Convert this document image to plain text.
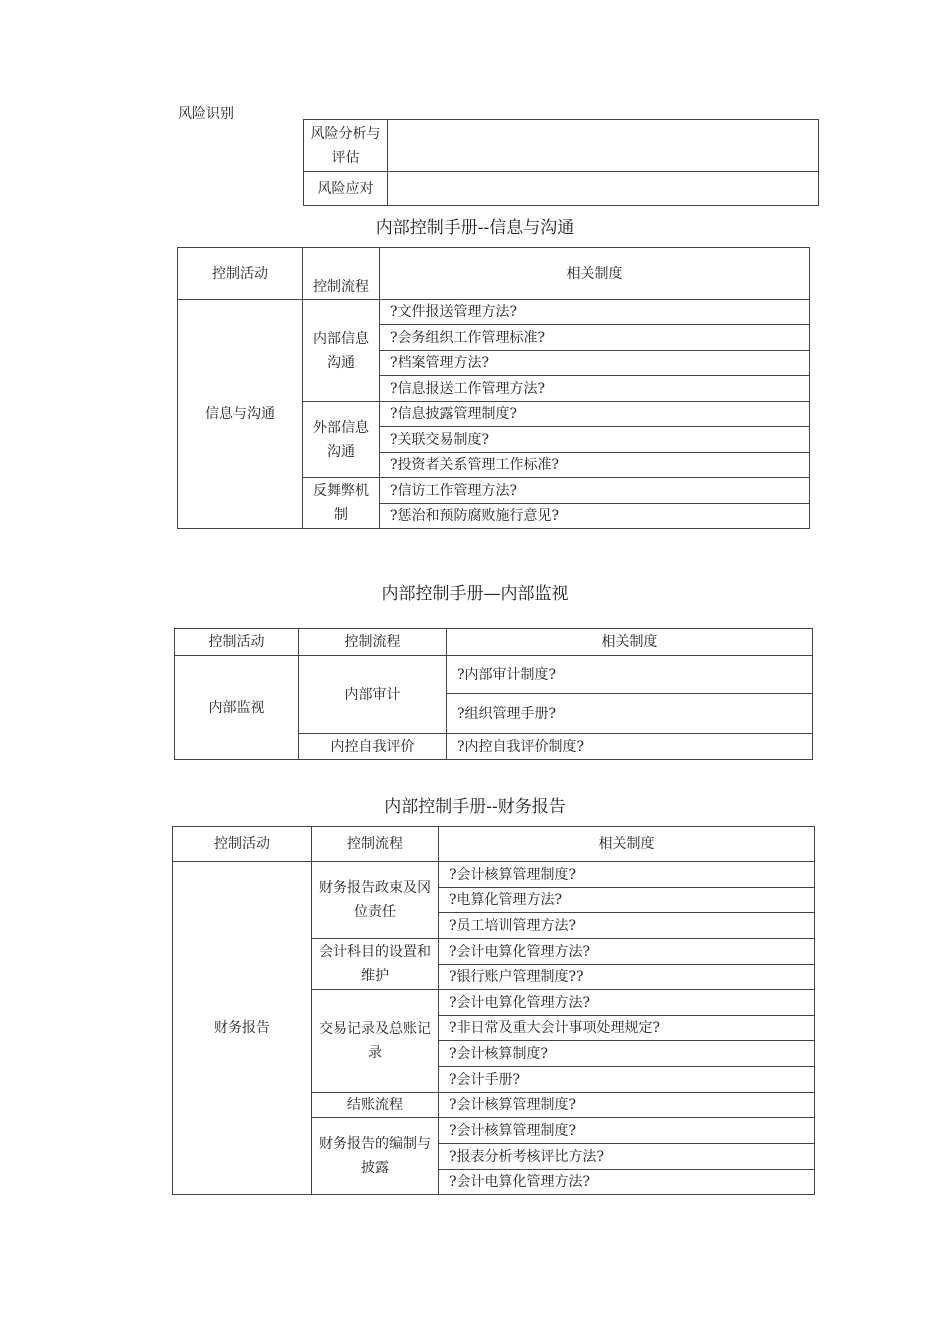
风险识别
风险分析与评估	
风险应对	
内部控制手册--信息与沟通
控制活动	控制流程	相关制度
信息与沟通	内部信息沟通	?文件报送管理方法?
		?会务组织工作管理标准?
		?档案管理方法?
		?信息报送工作管理方法?
	外部信息沟通	?信息披露管理制度?
		?关联交易制度?
		?投资者关系管理工作标准?
	反舞弊机制	?信访工作管理方法?
		?惩治和预防腐败施行意见?
内部控制手册—内部监视
控制活动	控制流程	相关制度
内部监视	内部审计	?内部审计制度?
		?组织管理手册?
	内控自我评价	?内控自我评价制度?
内部控制手册--财务报告
控制活动	控制流程	相关制度
财务报告	财务报告政束及冈位责任	?会计核算管理制度?
		?电算化管理方法?
		?员工培训管理方法?
	会计科目的设置和维护	?会计电算化管理方法?
		?银行账户管理制度??
	交易记录及总账记录	?会计电算化管理方法?
		?非日常及重大会计事项处理规定?
		?会计核算制度?
		?会计手册?
	结账流程	?会计核算管理制度?
	财务报告的编制与披露	?会计核算管理制度?
		?报表分析考核评比方法?
		?会计电算化管理方法?
